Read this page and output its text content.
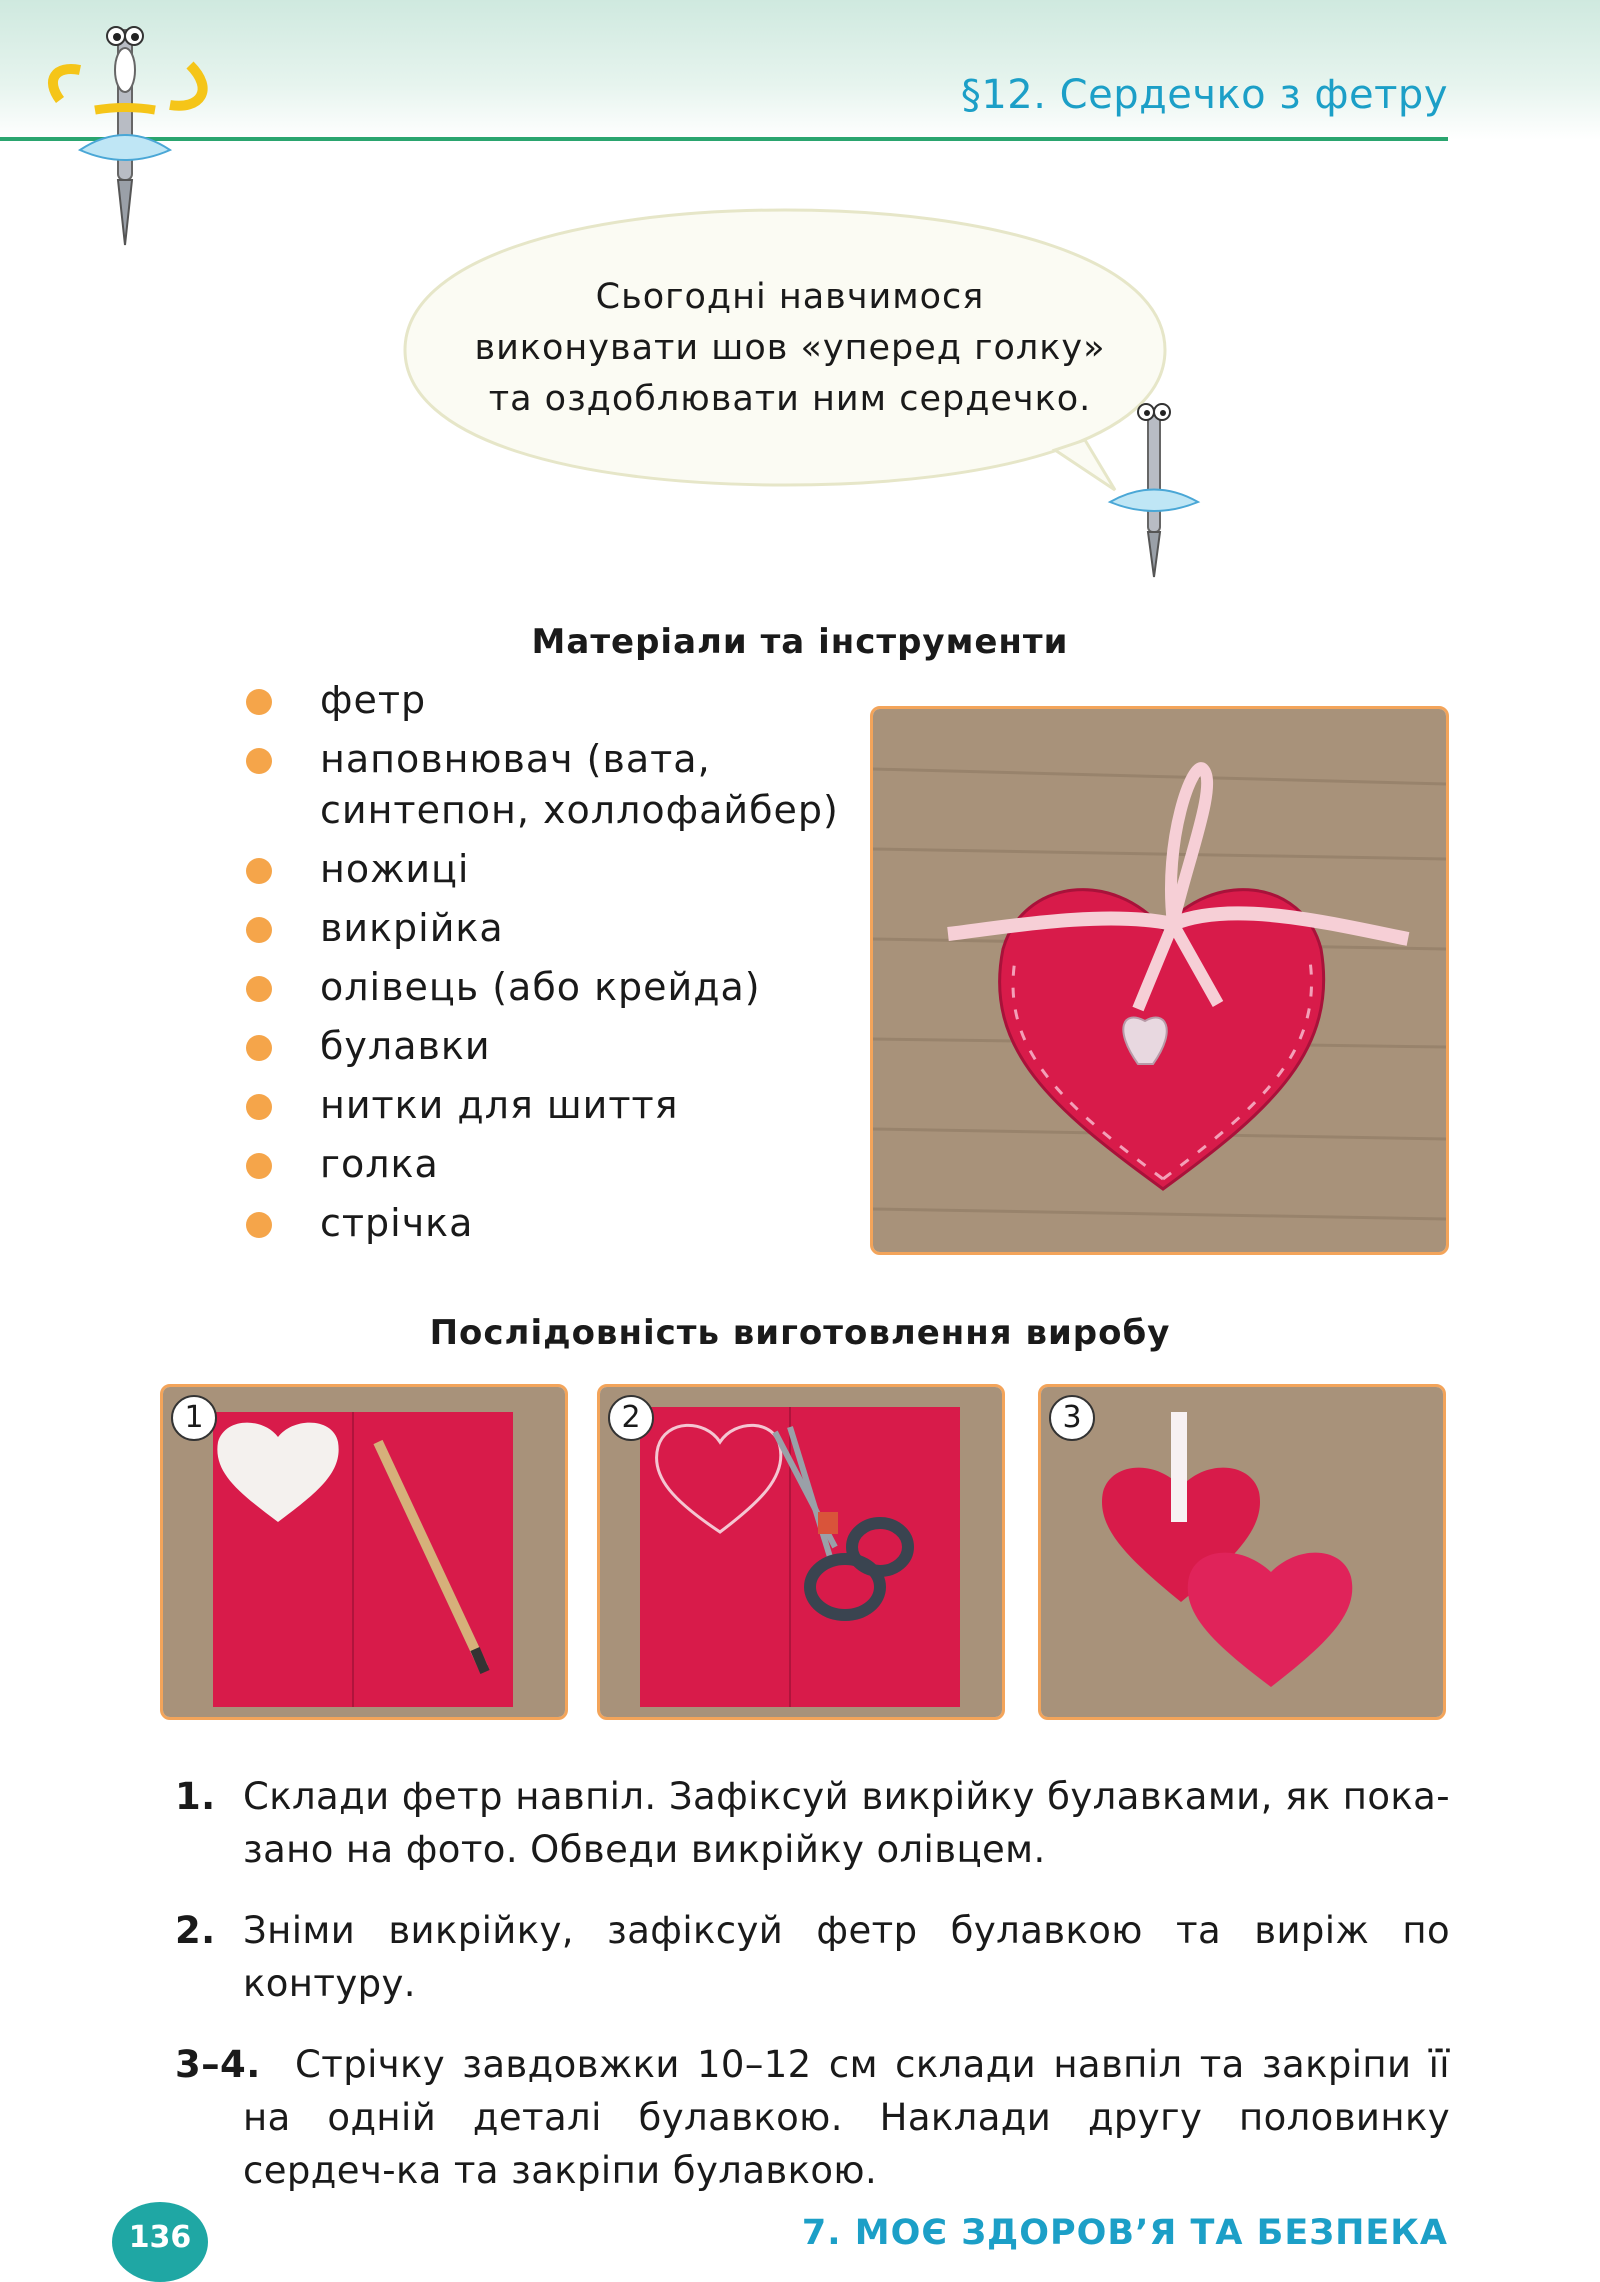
§12. Сердечко з фетру
Сьогодні навчимося
виконувати шов «уперед голку»
та оздоблювати ним сердечко.
Матеріали та інструменти
фетр
наповнювач (вата,
синтепон, холлофайбер)
ножиці
викрійка
олівець (або крейда)
булавки
нитки для шиття
голка
стрічка
Послідовність виготовлення виробу
1	2	3
1. Склади фетр навпіл. Зафіксуй викрійку булавками, як пока-зано на фото. Обведи викрійку олівцем.
2. Зніми викрійку, зафіксуй фетр булавкою та виріж по контуру.
3–4. Стрічку завдовжки 10–12 см склади навпіл та закріпи її на одній деталі булавкою. Наклади другу половинку сердеч-ка та закріпи булавкою.
136	7. МОЄ ЗДОРОВ’Я ТА БЕЗПЕКА
